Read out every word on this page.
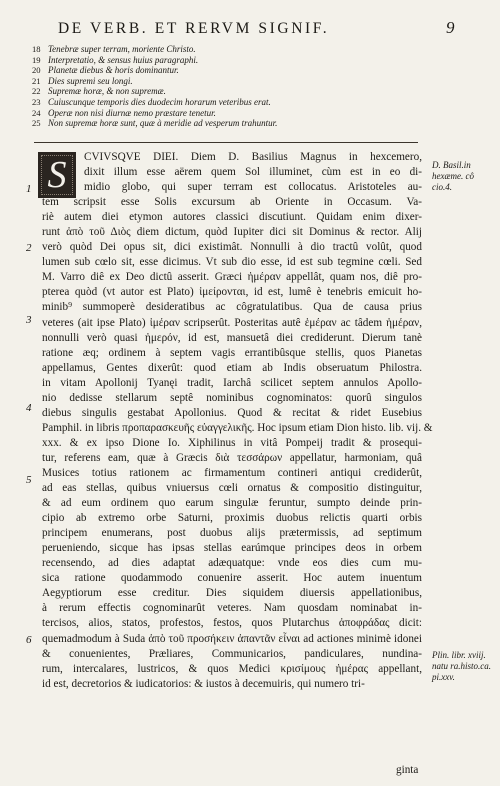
DE VERB. ET RERVM SIGNIF.	9
18 Tenebræ super terram, moriente Christo.
19 Interpretatio, & sensus huius paragraphi.
20 Planetæ diebus & horis dominantur.
21 Dies supremi seu longi.
22 Supremæ horæ, & non supremæ.
23 Cuiuscunque temporis dies duodecim horarum veteribus erat.
24 Operæ non nisi diurnæ nemo præstare tenetur.
25 Non supremæ horæ sunt, quæ à meridie ad vesperum trahuntur.
S	CVIVSQVE DIEI. Diem D. Basilius Magnus in hexcemero,
dixit illum esse aërem quem Sol illuminet, cùm est in eo di-
midio globo, qui super terram est collocatus. Aristoteles au-
tem scripsit esse Solis excursum ab Oriente in Occasum. Va-
riè autem diei etymon autores classici discutiunt. Quidam enim dixer-
runt ἀπὸ τοῦ Διὸς diem dictum, quòd Iupiter dici sit Dominus & rector. Alij
verò quòd Dei opus sit, dici existimât. Nonnulli à dio tractû volût, quod
lumen sub cœlo sit, esse dicimus. Vt sub dio esse, id est sub tegmine cœli. Sed
M. Varro diê ex Deo dictû asserit. Græci ἡμέραν appellât, quam nos, diê pro-
pterea quòd (vt autor est Plato) ἱμείρονται, id est, lumê è tenebris emicuit ho-
minib⁹ summoperè desideratibus ac côgratulatibus. Qua de causa prius
veteres (ait ipse Plato) ἱμέραν scripserût. Posteritas autê ἑμέραν ac tâdem ἡμέραν,
nonnulli verò quasi ἡμερόν, id est, mansuetâ diei crediderunt. Dierum tanè
ratione æq; ordinem à septem vagis errantibûsque stellis, quos Pianetas
appellamus, Gentes dixerût: quod etiam ab Indis obseruatum Philostra.
in vitam Apollonij Tyanęi tradit, Iarchâ scilicet septem annulos Apollo-
nio dedisse stellarum septê nominibus cognominatos: quorû singulos
diebus singulis gestabat Apollonius. Quod & recitat & ridet Eusebius
Pamphil. in libris προπαρασκευῆς εὐαγγελικῆς. Hoc ipsum etiam Dion histo. lib. vij. &
xxx. & ex ipso Dione Io. Xiphilinus in vitâ Pompeij tradit & prosequi-
tur, referens eam, quæ à Græcis διὰ τεσσάρων appellatur, harmoniam, quâ
Musices totius rationem ac firmamentum contineri antiqui crediderût,
ad eas stellas, quibus vniuersus cœli ornatus & compositio distinguitur,
& ad eum ordinem quo earum singulæ feruntur, sumpto deinde prin-
cipio ab extremo orbe Saturni, proximis duobus relictis quarti orbis
principem enumerans, post duobus alijs prætermissis, ad septimum
perueniendo, sicque has ipsas stellas earúmque principes deos in orbem
recensendo, ad dies adaptat adæquatque: vnde eos dies cum mu-
sica ratione quodammodo conuenire asserit. Hoc autem inuentum
Aegyptiorum esse creditur. Dies siquidem diuersis appellationibus,
à rerum effectis cognominarût veteres. Nam quosdam nominabat in-
tercisos, alios, statos, profestos, festos, quos Plutarchus ἀποφράδας dicit:
quemadmodum à Suda ἀπὸ τοῦ προσήκειν ἀπαντᾶν εἶναι ad actiones minimè idonei
& conuenientes, Præliares, Communicarios, pandiculares, nundina-
rum, intercalares, lustricos, & quos Medici κρισίμους ἡμέρας appellant,
id est, decretorios & iudicatorios: & iustos à decemuiris, qui numero tri-
1
2
3
4
5
6
D. Basil.in hexæme. cô cio.4.
Plin. libr. xviij. natu ra.histo.ca. pi.xxv.
ginta
